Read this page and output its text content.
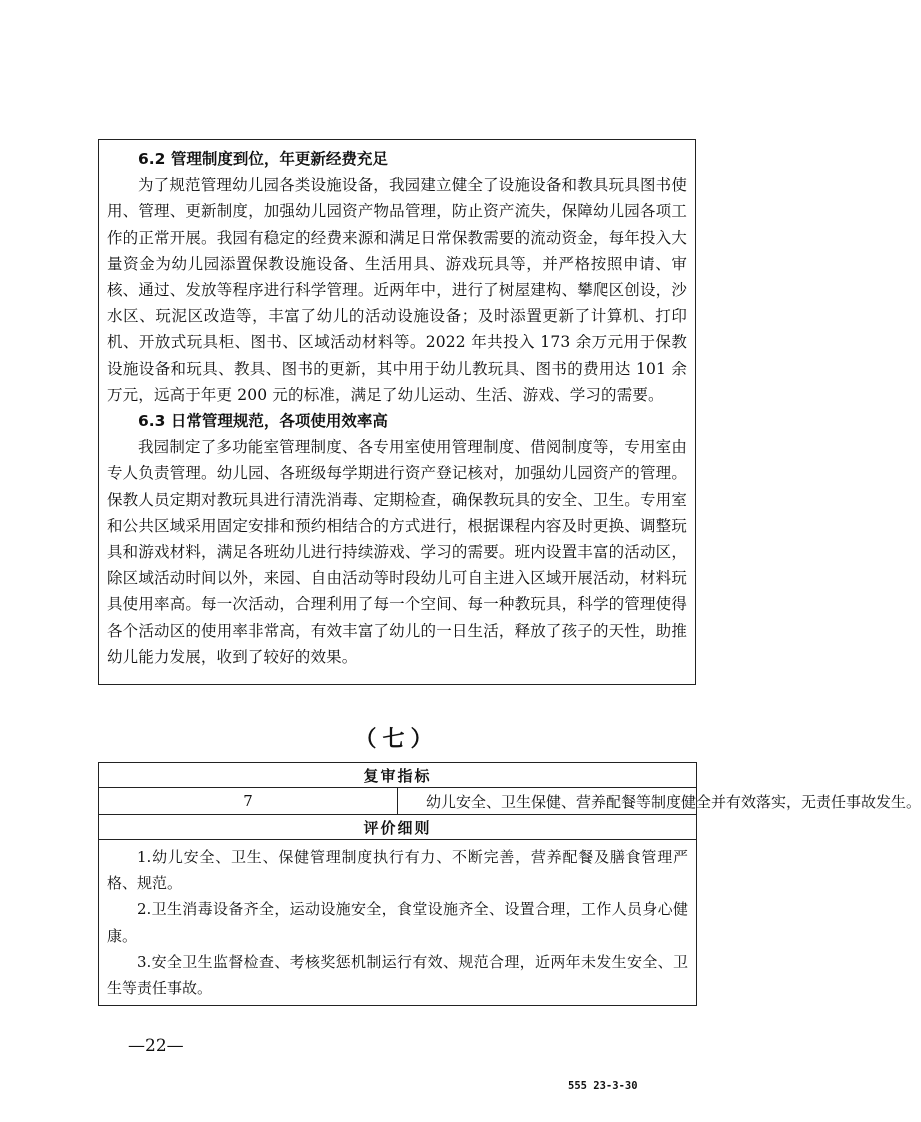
6.2 管理制度到位，年更新经费充足

为了规范管理幼儿园各类设施设备，我园建立健全了设施设备和教具玩具图书使用、管理、更新制度，加强幼儿园资产物品管理，防止资产流失，保障幼儿园各项工作的正常开展。我园有稳定的经费来源和满足日常保教需要的流动资金，每年投入大量资金为幼儿园添置保教设施设备、生活用具、游戏玩具等，并严格按照申请、审核、通过、发放等程序进行科学管理。近两年中，进行了树屋建构、攀爬区创设，沙水区、玩泥区改造等，丰富了幼儿的活动设施设备；及时添置更新了计算机、打印机、开放式玩具柜、图书、区域活动材料等。2022 年共投入 173 余万元用于保教设施设备和玩具、教具、图书的更新，其中用于幼儿教玩具、图书的费用达 101 余万元，远高于年更 200 元的标准，满足了幼儿运动、生活、游戏、学习的需要。

6.3 日常管理规范，各项使用效率高

我园制定了多功能室管理制度、各专用室使用管理制度、借阅制度等，专用室由专人负责管理。幼儿园、各班级每学期进行资产登记核对，加强幼儿园资产的管理。保教人员定期对教玩具进行清洗消毒、定期检查，确保教玩具的安全、卫生。专用室和公共区域采用固定安排和预约相结合的方式进行，根据课程内容及时更换、调整玩具和游戏材料，满足各班幼儿进行持续游戏、学习的需要。班内设置丰富的活动区，除区域活动时间以外，来园、自由活动等时段幼儿可自主进入区域开展活动，材料玩具使用率高。每一次活动，合理利用了每一个空间、每一种教玩具，科学的管理使得各个活动区的使用率非常高，有效丰富了幼儿的一日生活，释放了孩子的天性，助推幼儿能力发展，收到了较好的效果。

（七）
复审指标
7	幼儿安全、卫生保健、营养配餐等制度健全并有效落实，无责任事故发生。
评价细则

1.幼儿安全、卫生、保健管理制度执行有力、不断完善，营养配餐及膳食管理严格、规范。

2.卫生消毒设备齐全，运动设施安全，食堂设施齐全、设置合理，工作人员身心健康。

3.安全卫生监督检查、考核奖惩机制运行有效、规范合理，近两年未发生安全、卫生等责任事故。

—22—
555 23-3-30
